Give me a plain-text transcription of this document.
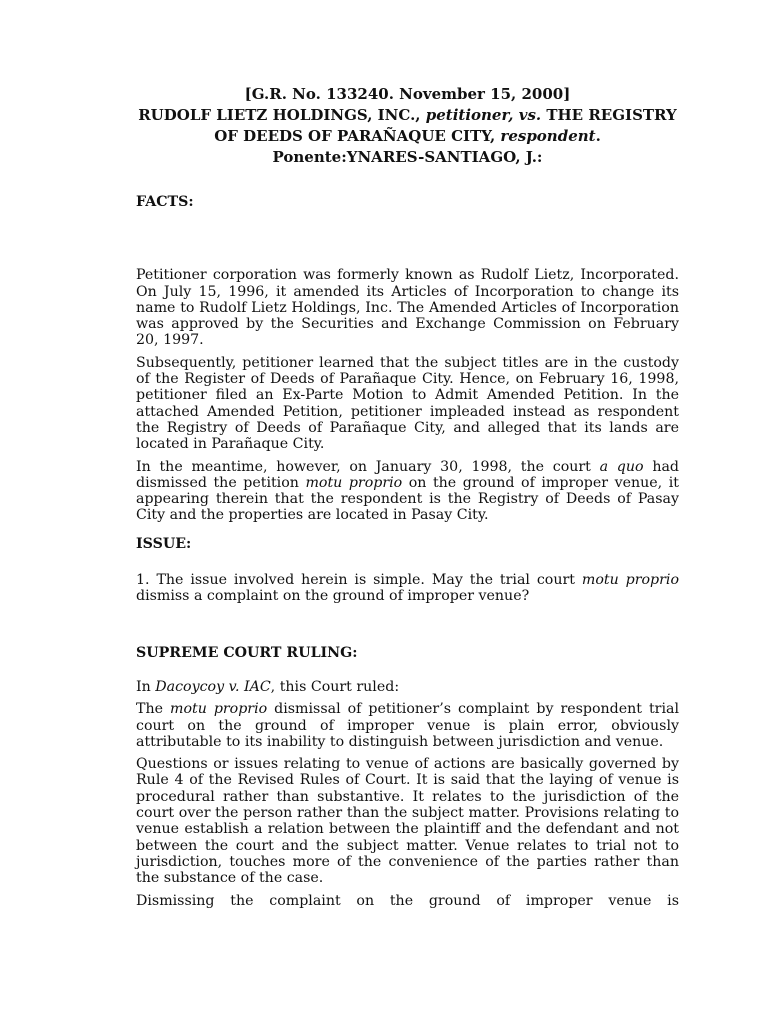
[G.R. No. 133240. November 15, 2000]

RUDOLF LIETZ HOLDINGS, INC., petitioner, vs. THE REGISTRY OF DEEDS OF PARAÑAQUE CITY, respondent.

Ponente:YNARES-SANTIAGO, J.:

FACTS:

Petitioner corporation was formerly known as Rudolf Lietz, Incorporated. On July 15, 1996, it amended its Articles of Incorporation to change its name to Rudolf Lietz Holdings, Inc. The Amended Articles of Incorporation was approved by the Securities and Exchange Commission on February 20, 1997.

Subsequently, petitioner learned that the subject titles are in the custody of the Register of Deeds of Parañaque City. Hence, on February 16, 1998, petitioner filed an Ex-Parte Motion to Admit Amended Petition. In the attached Amended Petition, petitioner impleaded instead as respondent the Registry of Deeds of Parañaque City, and alleged that its lands are located in Parañaque City.

In the meantime, however, on January 30, 1998, the court a quo had dismissed the petition motu proprio on the ground of improper venue, it appearing therein that the respondent is the Registry of Deeds of Pasay City and the properties are located in Pasay City.

ISSUE:

1. The issue involved herein is simple. May the trial court motu proprio dismiss a complaint on the ground of improper venue?

SUPREME COURT RULING:

In Dacoycoy v. IAC, this Court ruled:

The motu proprio dismissal of petitioner’s complaint by respondent trial court on the ground of improper venue is plain error, obviously attributable to its inability to distinguish between jurisdiction and venue.

Questions or issues relating to venue of actions are basically governed by Rule 4 of the Revised Rules of Court. It is said that the laying of venue is procedural rather than substantive. It relates to the jurisdiction of the court over the person rather than the subject matter. Provisions relating to venue establish a relation between the plaintiff and the defendant and not between the court and the subject matter. Venue relates to trial not to jurisdiction, touches more of the convenience of the parties rather than the substance of the case.

Dismissing the complaint on the ground of improper venue is
